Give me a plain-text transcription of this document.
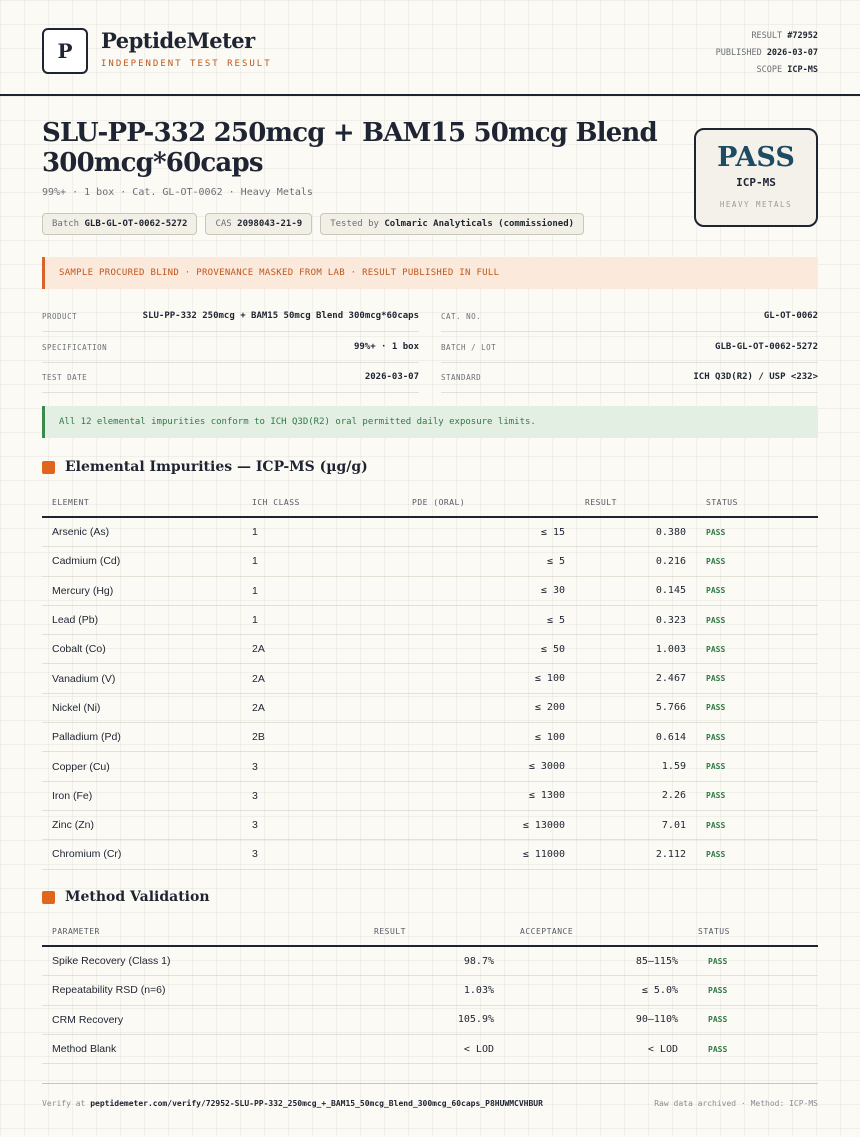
P PeptideMeter
INDEPENDENT TEST RESULT
RESULT #72952
PUBLISHED 2026-03-07
SCOPE ICP-MS
SLU-PP-332 250mcg + BAM15 50mcg Blend 300mcg*60caps
99%+ · 1 box · Cat. GL-OT-0062 · Heavy Metals
Batch GLB-GL-OT-0062-5272	CAS 2098043-21-9	Tested by Colmaric Analyticals (commissioned)
PASS
ICP-MS
HEAVY METALS
SAMPLE PROCURED BLIND · PROVENANCE MASKED FROM LAB · RESULT PUBLISHED IN FULL
PRODUCT	SLU-PP-332 250mcg + BAM15 50mcg Blend 300mcg*60caps
SPECIFICATION	99%+ · 1 box
TEST DATE	2026-03-07
CAT. NO.	GL-OT-0062
BATCH / LOT	GLB-GL-OT-0062-5272
STANDARD	ICH Q3D(R2) / USP <232>
All 12 elemental impurities conform to ICH Q3D(R2) oral permitted daily exposure limits.
Elemental Impurities — ICP-MS (µg/g)
ELEMENT	ICH CLASS	PDE (ORAL)	RESULT	STATUS
Arsenic (As)	1	≤ 15	0.380	PASS
Cadmium (Cd)	1	≤ 5	0.216	PASS
Mercury (Hg)	1	≤ 30	0.145	PASS
Lead (Pb)	1	≤ 5	0.323	PASS
Cobalt (Co)	2A	≤ 50	1.003	PASS
Vanadium (V)	2A	≤ 100	2.467	PASS
Nickel (Ni)	2A	≤ 200	5.766	PASS
Palladium (Pd)	2B	≤ 100	0.614	PASS
Copper (Cu)	3	≤ 3000	1.59	PASS
Iron (Fe)	3	≤ 1300	2.26	PASS
Zinc (Zn)	3	≤ 13000	7.01	PASS
Chromium (Cr)	3	≤ 11000	2.112	PASS
Method Validation
PARAMETER	RESULT	ACCEPTANCE	STATUS
Spike Recovery (Class 1)	98.7%	85–115%	PASS
Repeatability RSD (n=6)	1.03%	≤ 5.0%	PASS
CRM Recovery	105.9%	90–110%	PASS
Method Blank	< LOD	< LOD	PASS
Verify at peptidemeter.com/verify/72952-SLU-PP-332_250mcg_+_BAM15_50mcg_Blend_300mcg_60caps_P8HUWMCVHBUR	Raw data archived · Method: ICP-MS
